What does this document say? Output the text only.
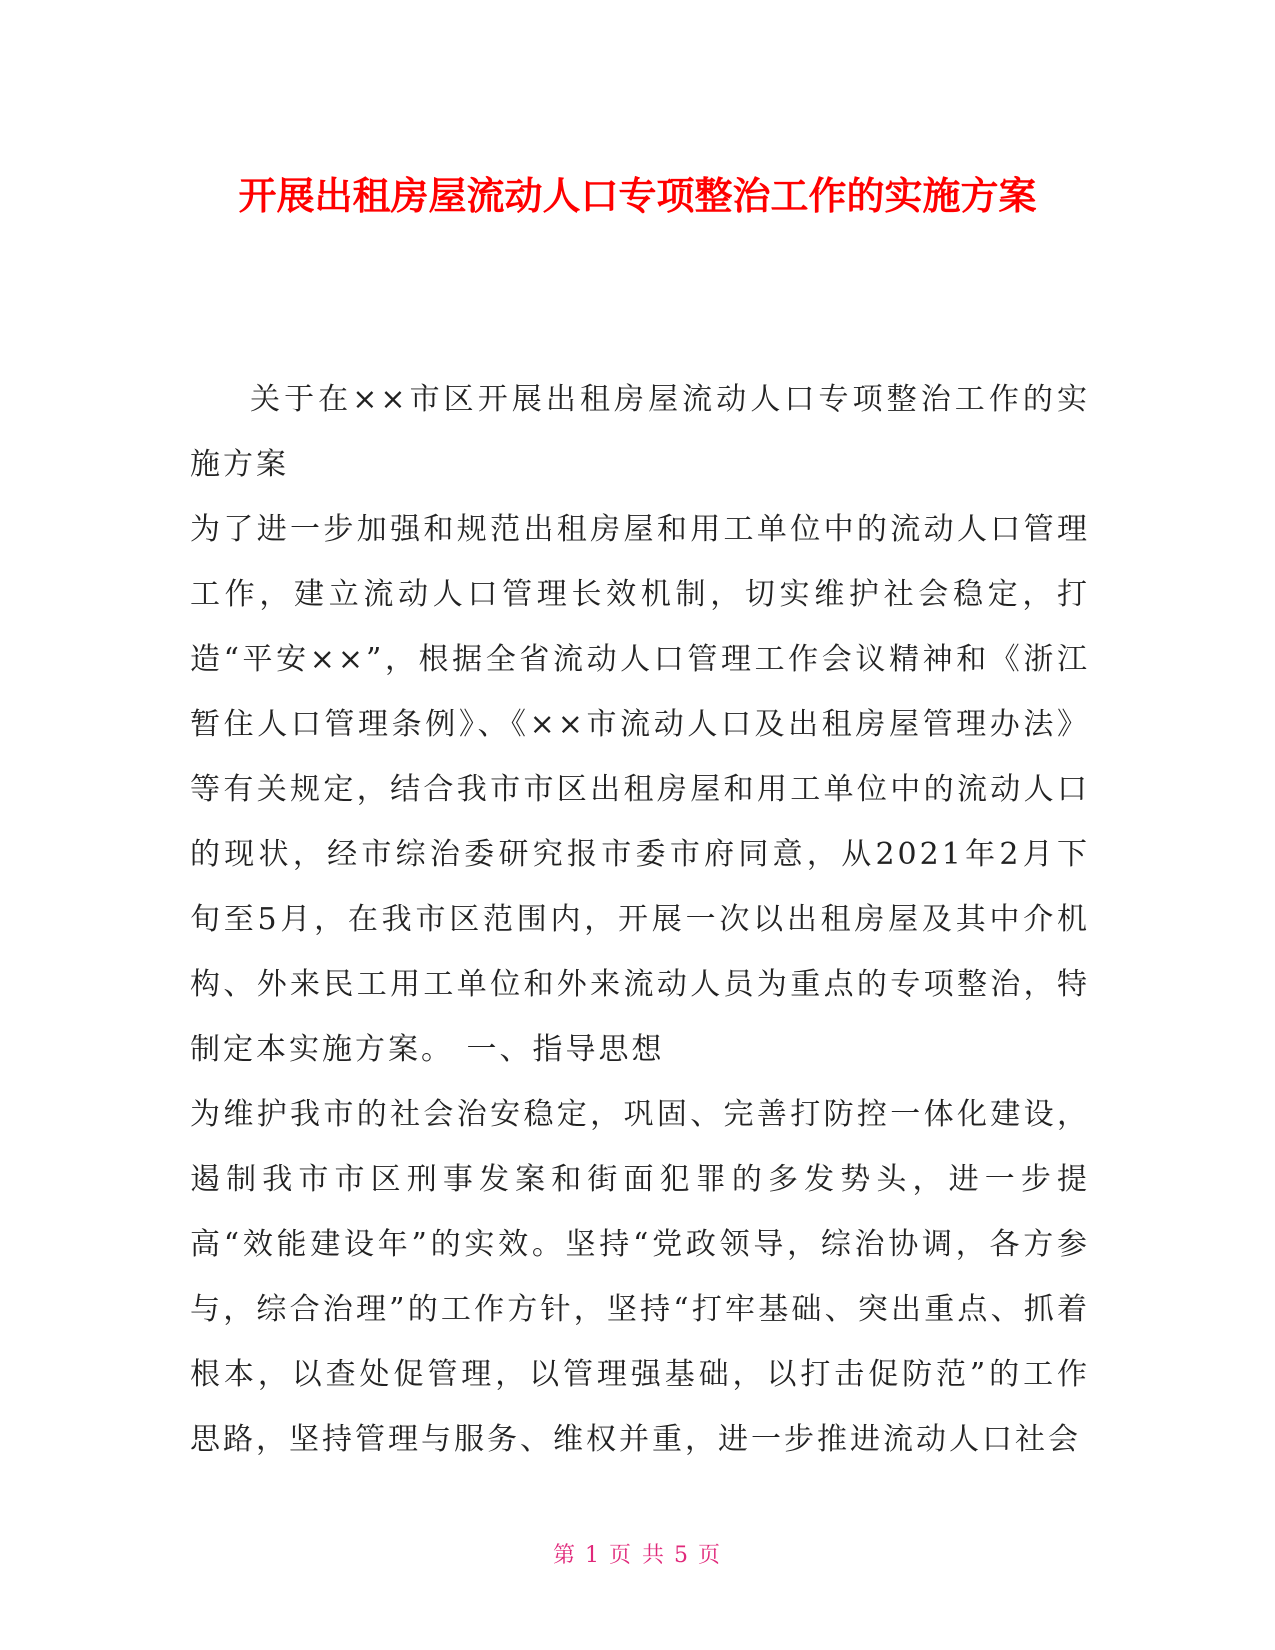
开展出租房屋流动人口专项整治工作的实施方案

关于在××市区开展出租房屋流动人口专项整治工作的实施方案

为了进一步加强和规范出租房屋和用工单位中的流动人口管理工作，建立流动人口管理长效机制，切实维护社会稳定，打造“平安××”，根据全省流动人口管理工作会议精神和《浙江暂住人口管理条例》、《××市流动人口及出租房屋管理办法》等有关规定，结合我市市区出租房屋和用工单位中的流动人口的现状，经市综治委研究报市委市府同意，从2021年2月下旬至5月，在我市区范围内，开展一次以出租房屋及其中介机构、外来民工用工单位和外来流动人员为重点的专项整治，特制定本实施方案。 一、指导思想

为维护我市的社会治安稳定，巩固、完善打防控一体化建设，遏制我市市区刑事发案和街面犯罪的多发势头，进一步提高“效能建设年”的实效。坚持“党政领导，综治协调，各方参与，综合治理”的工作方针，坚持“打牢基础、突出重点、抓着根本，以查处促管理，以管理强基础，以打击促防范”的工作思路，坚持管理与服务、维权并重，进一步推进流动人口社会

第 1 页 共 5 页
